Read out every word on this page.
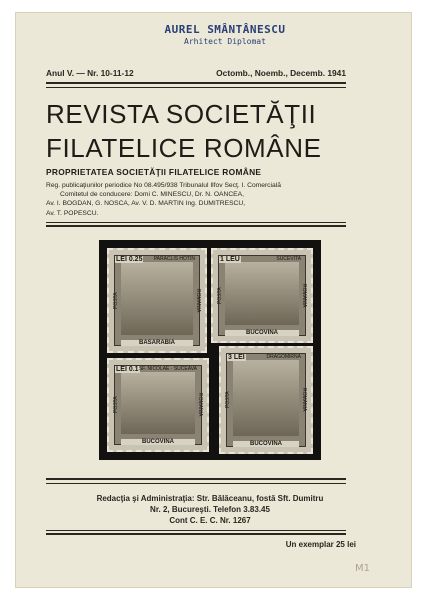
AUREL SMÂNTÂNESCU
Arhitect Diplomat
Anul V. — Nr. 10-11-12	Octomb., Noemb., Decemb. 1941
REVISTA SOCIETĂŢII
FILATELICE ROMÂNE
PROPRIETATEA SOCIETĂŢII FILATELICE ROMÂNE
Reg. publicaţiunilor periodice No 08.495/938 Tribunalul Ilfov Secţ. I. Comercială
Comitetul de conducere: Domi C. MINESCU, Dr. N. OANCEA,
Av. I. BOGDAN, G. NOSCA, Av. V. D. MARTIN Ing. DUMITRESCU,
Av. T. POPESCU.
LEI 0.25	PARACLIS HOTIN
POSTA	ROMANIA
BASARABIA
1 LEU	SUCEVITA
POSTA	ROMANIA
BUCOVINA
LEI 0.1 SF. NICOLAE · SUCEAVA
POSTA	ROMANIA
BUCOVINA
3 LEI	DRAGOMIRNA
POSTA	ROMANIA
BUCOVINA
Redacţia şi Administraţia: Str. Bălăceanu, fostă Sft. Dumitru
Nr. 2, Bucureşti. Telefon 3.83.45
Cont C. E. C. Nr. 1267
Un exemplar 25 lei
M1
